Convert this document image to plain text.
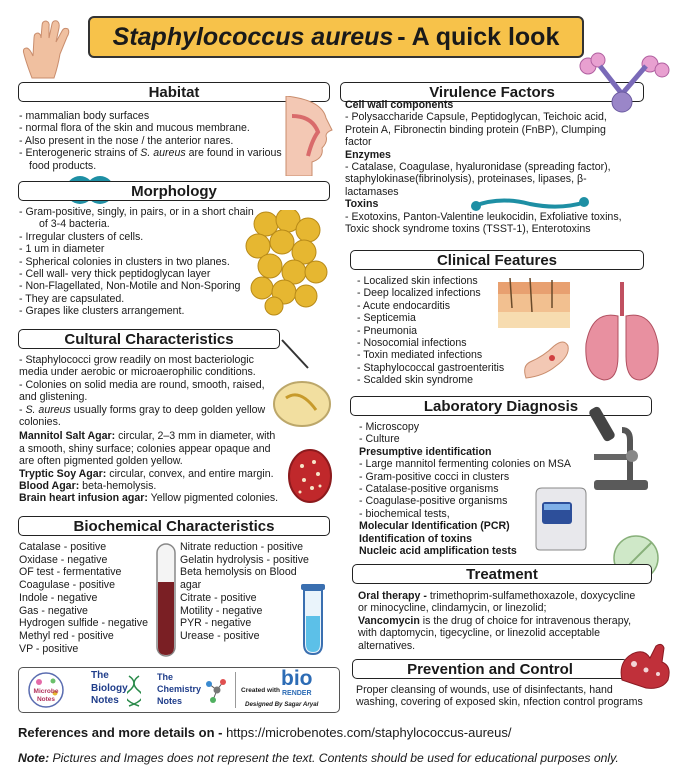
Staphylococcus aureus - A quick look
Habitat
- mammalian body surfaces
- normal flora of the skin and mucous membrane.
- Also present in the nose / the anterior nares.
- Enterogeneric strains of S. aureus are found in various
food products.
Morphology
- Gram-positive, singly, in pairs, or in a short chain
of 3-4 bacteria.
- Irregular clusters of cells.
- 1 um in diameter
- Spherical colonies in clusters in two planes.
- Cell wall- very thick peptidoglycan layer
- Non-Flagellated, Non-Motile and Non-Sporing
- They are capsulated.
- Grapes like clusters arrangement.
Cultural Characteristics
- Staphylococci grow readily on most bacteriologic
media under aerobic or microaerophilic conditions.
- Colonies on solid media are round, smooth, raised,
and glistening.
- S. aureus usually forms gray to deep golden yellow
colonies.
Mannitol Salt Agar: circular, 2–3 mm in diameter, with
a smooth, shiny surface; colonies appear opaque and
are often pigmented golden yellow.
Tryptic Soy Agar: circular, convex, and entire margin.
Blood Agar: beta-hemolysis.
Brain heart infusion agar: Yellow pigmented colonies.
Biochemical Characteristics
Catalase - positive
Oxidase - negative
OF test - fermentative
Coagulase - positive
Indole - negative
Gas - negative
Hydrogen sulfide - negative
Methyl red - positive
VP - positive
Nitrate reduction - positive
Gelatin hydrolysis - positive
Beta hemolysis on Blood
agar
Citrate - positive
Motility - negative
PYR - negative
Urease - positive
Microbe
Notes
The
Biology
Notes
The
Chemistry
Notes
Created with
bio
RENDER
Designed By Sagar Aryal
Virulence Factors
Cell wall components
- Polysaccharide Capsule, Peptidoglycan, Teichoic acid,
Protein A, Fibronectin binding protein (FnBP), Clumping
factor
Enzymes
- Catalase, Coagulase, hyaluronidase (spreading factor),
staphylokinase(fibrinolysis), proteinases, lipases, β-
lactamases
Toxins
- Exotoxins, Panton-Valentine leukocidin, Exfoliative toxins,
Toxic shock syndrome toxins (TSST-1), Enterotoxins
Clinical Features
- Localized skin infections
- Deep localized infections
- Acute endocarditis
- Septicemia
- Pneumonia
- Nosocomial infections
- Toxin mediated infections
- Staphylococcal gastroenteritis
- Scalded skin syndrome
Laboratory Diagnosis
- Microscopy
- Culture
Presumptive identification
- Large mannitol fermenting colonies on MSA
- Gram-positive cocci in clusters
- Catalase-positive organisms
- Coagulase-positive organisms
- biochemical tests,
Molecular Identification (PCR)
Identification of toxins
Nucleic acid amplification tests
Treatment
Oral therapy - trimethoprim-sulfamethoxazole, doxycycline
or minocycline, clindamycin, or linezolid;
Vancomycin is the drug of choice for intravenous therapy,
with daptomycin, tigecycline, or linezolid acceptable
alternatives.
Prevention and Control
Proper cleansing of wounds, use of disinfectants, hand
washing, covering of exposed skin, nfection control programs
References and more details on - https://microbenotes.com/staphylococcus-aureus/
Note: Pictures and Images does not represent the text. Contents should be used for educational purposes only.
